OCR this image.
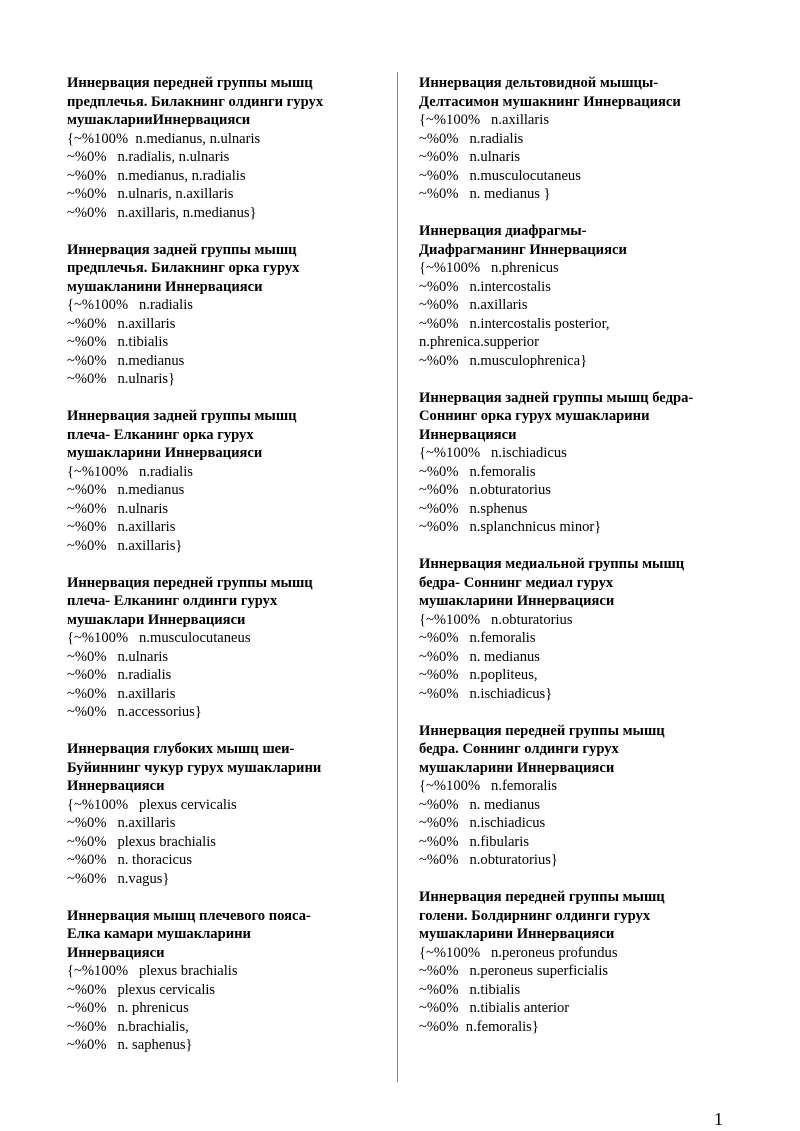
Иннервация передней группы мышц
предплечья. Билакнинг олдинги гурух
мушакларииИннервацияси
{~%100%  n.medianus, n.ulnaris
~%0%   n.radialis, n.ulnaris
~%0%   n.medianus, n.radialis
~%0%   n.ulnaris, n.axillaris
~%0%   n.axillaris, n.medianus}
Иннервация задней группы мышц
предплечья. Билакнинг орка гурух
мушакланини Иннервацияси
{~%100%   n.radialis
~%0%   n.axillaris
~%0%   n.tibialis
~%0%   n.medianus
~%0%   n.ulnaris}
Иннервация задней группы мышц
плеча- Елканинг орка гурух
мушакларини Иннервацияси
{~%100%   n.radialis
~%0%   n.medianus
~%0%   n.ulnaris
~%0%   n.axillaris
~%0%   n.axillaris}
Иннервация передней группы мышц
плеча- Елканинг олдинги гурух
мушаклари Иннервацияси
{~%100%   n.musculocutaneus
~%0%   n.ulnaris
~%0%   n.radialis
~%0%   n.axillaris
~%0%   n.accessorius}
Иннервация глубоких мышц шеи-
Буйиннинг чукур гурух мушакларини
Иннервацияси
{~%100%   plexus cervicalis
~%0%   n.axillaris
~%0%   plexus brachialis
~%0%   n. thoracicus
~%0%   n.vagus}
Иннервация мышц плечевого пояса-
Елка камари мушакларини
Иннервацияси
{~%100%   plexus brachialis
~%0%   plexus cervicalis
~%0%   n. phrenicus
~%0%   n.brachialis,
~%0%   n. saphenus}
Иннервация дельтовидной мышцы-
Делтасимон мушакнинг Иннервацияси
{~%100%   n.axillaris
~%0%   n.radialis
~%0%   n.ulnaris
~%0%   n.musculocutaneus
~%0%   n. medianus }
Иннервация диафрагмы-
Диафрагманинг Иннервацияси
{~%100%   n.phrenicus
~%0%   n.intercostalis
~%0%   n.axillaris
~%0%   n.intercostalis posterior,
n.phrenica.supperior
~%0%   n.musculophrenica}
Иннервация задней группы мышц бедра-
Соннинг орка гурух мушакларини
Иннервацияси
{~%100%   n.ischiadicus
~%0%   n.femoralis
~%0%   n.obturatorius
~%0%   n.sphenus
~%0%   n.splanchnicus minor}
Иннервация медиальной группы мышц
бедра- Соннинг медиал гурух
мушакларини Иннервацияси
{~%100%   n.obturatorius
~%0%   n.femoralis
~%0%   n. medianus
~%0%   n.popliteus,
~%0%   n.ischiadicus}
Иннервация передней группы мышц
бедра. Соннинг олдинги гурух
мушакларини Иннервацияси
{~%100%   n.femoralis
~%0%   n. medianus
~%0%   n.ischiadicus
~%0%   n.fibularis
~%0%   n.obturatorius}
Иннервация передней группы мышц
голени. Болдирнинг олдинги гурух
мушакларини Иннервацияси
{~%100%   n.peroneus profundus
~%0%   n.peroneus superficialis
~%0%   n.tibialis
~%0%   n.tibialis anterior
~%0%  n.femoralis}
1
